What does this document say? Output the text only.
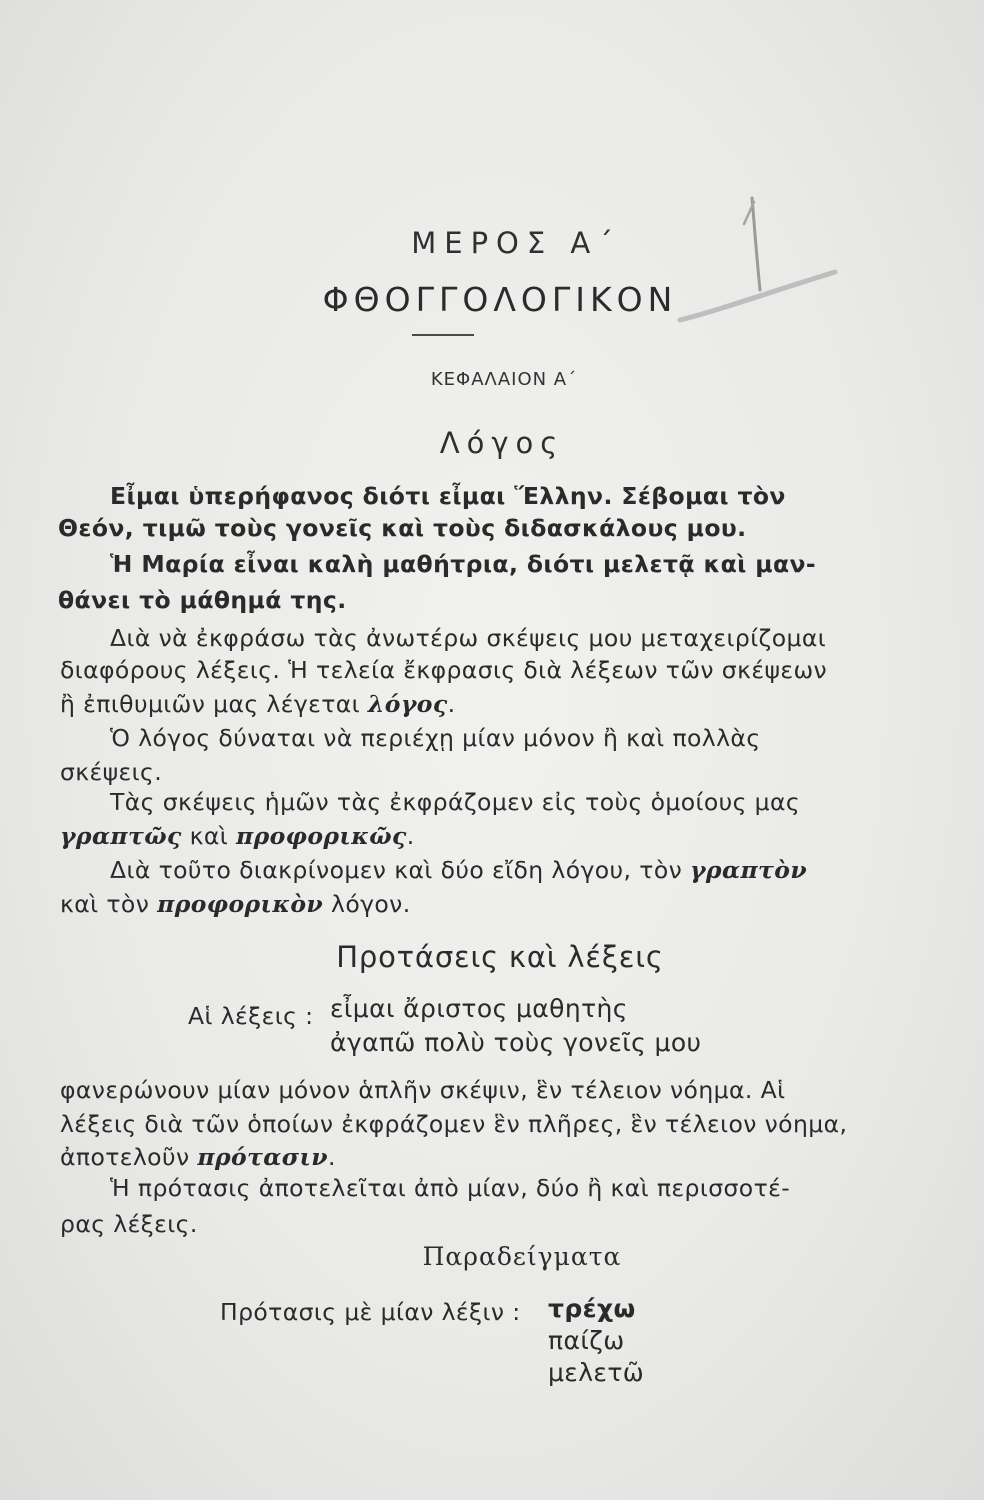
ΜΕΡΟΣ Α΄
ΦΘΟΓΓΟΛΟΓΙΚΟΝ
ΚΕΦΑΛΑΙΟΝ Α΄
Λόγος
Εἶμαι ὑπερήφανος διότι εἶμαι Ἕλλην. Σέβομαι τὸν
Θεόν, τιμῶ τοὺς γονεῖς καὶ τοὺς διδασκάλους μου.
Ἡ Μαρία εἶναι καλὴ μαθήτρια, διότι μελετᾷ καὶ μαν-
θάνει τὸ μάθημά της.
Διὰ νὰ ἐκφράσω τὰς ἀνωτέρω σκέψεις μου μεταχειρίζομαι
διαφόρους λέξεις. Ἡ τελεία ἔκφρασις διὰ λέξεων τῶν σκέψεων
ἢ ἐπιθυμιῶν μας λέγεται λόγος.
Ὁ λόγος δύναται νὰ περιέχῃ μίαν μόνον ἢ καὶ πολλὰς
σκέψεις.
Τὰς σκέψεις ἡμῶν τὰς ἐκφράζομεν εἰς τοὺς ὁμοίους μας
γραπτῶς καὶ προφορικῶς.
Διὰ τοῦτο διακρίνομεν καὶ δύο εἴδη λόγου, τὸν γραπτὸν
καὶ τὸν προφορικὸν λόγον.
Προτάσεις καὶ λέξεις
Αἱ λέξεις : εἶμαι ἄριστος μαθητὴς
ἀγαπῶ πολὺ τοὺς γονεῖς μου
φανερώνουν μίαν μόνον ἁπλῆν σκέψιν, ἓν τέλειον νόημα. Αἱ
λέξεις διὰ τῶν ὁποίων ἐκφράζομεν ἓν πλῆρες, ἓν τέλειον νόημα,
ἀποτελοῦν πρότασιν.
Ἡ πρότασις ἀποτελεῖται ἀπὸ μίαν, δύο ἢ καὶ περισσοτέ-
ρας λέξεις.
Παραδείγματα
Πρότασις μὲ μίαν λέξιν : τρέχω
παίζω
μελετῶ
